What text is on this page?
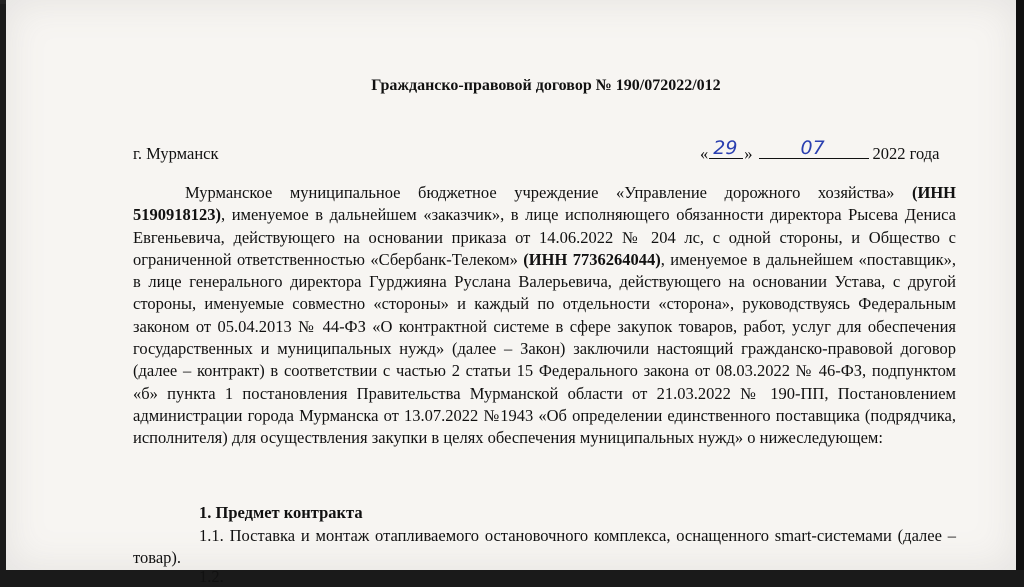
Гражданско-правовой договор № 190/072022/012
г. Мурманск	« 29 »	07	2022 года
Мурманское муниципальное бюджетное учреждение «Управление дорожного хозяйства» (ИНН 5190918123), именуемое в дальнейшем «заказчик», в лице исполняющего обязанности директора Рысева Дениса Евгеньевича, действующего на основании приказа от 14.06.2022 № 204 лс, с одной стороны, и Общество с ограниченной ответственностью «Сбербанк-Телеком» (ИНН 7736264044), именуемое в дальнейшем «поставщик», в лице генерального директора Гурджияна Руслана Валерьевича, действующего на основании Устава, с другой стороны, именуемые совместно «стороны» и каждый по отдельности «сторона», руководствуясь Федеральным законом от 05.04.2013 № 44-ФЗ «О контрактной системе в сфере закупок товаров, работ, услуг для обеспечения государственных и муниципальных нужд» (далее – Закон) заключили настоящий гражданско-правовой договор (далее – контракт) в соответствии с частью 2 статьи 15 Федерального закона от 08.03.2022 № 46-ФЗ, подпунктом «б» пункта 1 постановления Правительства Мурманской области от 21.03.2022 № 190-ПП, Постановлением администрации города Мурманска от 13.07.2022 №1943 «Об определении единственного поставщика (подрядчика, исполнителя) для осуществления закупки в целях обеспечения муниципальных нужд» о нижеследующем:
1. Предмет контракта
1.1. Поставка и монтаж отапливаемого остановочного комплекса, оснащенного smart-системами (далее – товар).
1.2.
